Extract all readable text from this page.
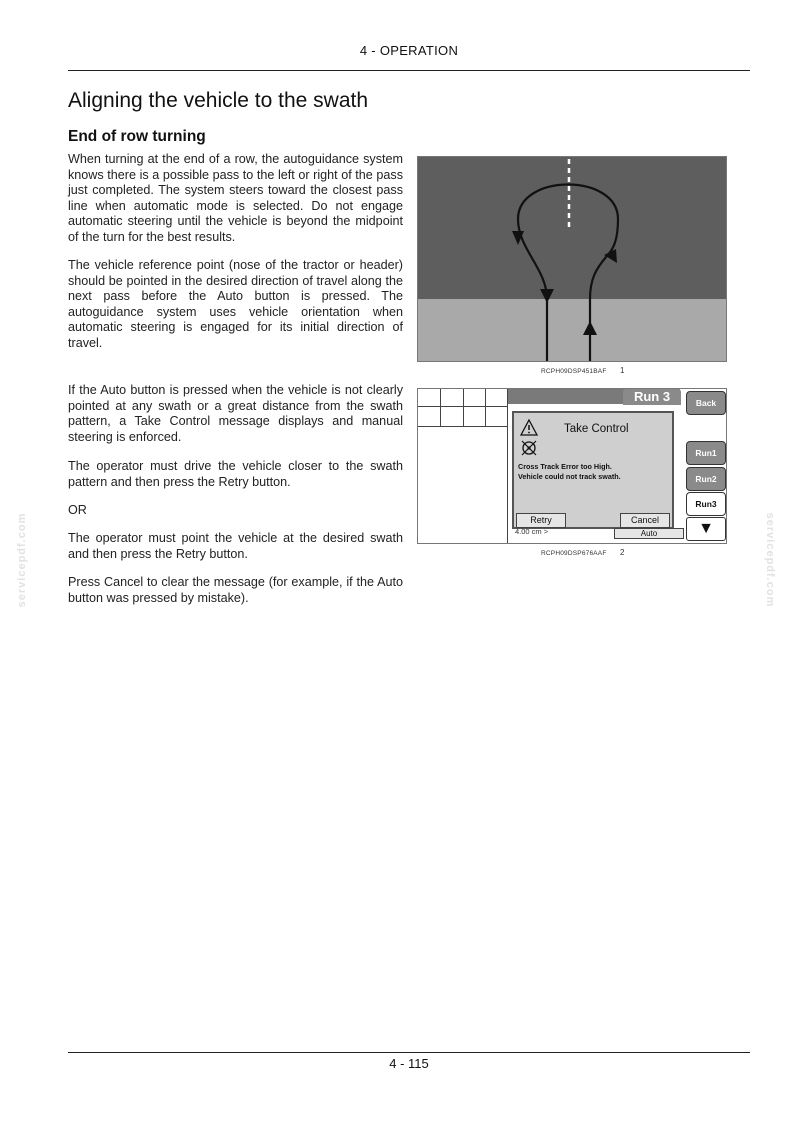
4 - OPERATION
Aligning the vehicle to the swath
End of row turning

When turning at the end of a row, the autoguidance system knows there is a possible pass to the left or right of the pass just completed. The system steers toward the closest pass line when automatic mode is selected. Do not engage automatic steering until the vehicle is beyond the midpoint of the turn for the best results.

The vehicle reference point (nose of the tractor or header) should be pointed in the desired direction of travel along the next pass before the Auto button is pressed. The autoguidance system uses vehicle orientation when automatic steering is engaged for its initial direction of travel.

If the Auto button is pressed when the vehicle is not clearly pointed at any swath or a great distance from the swath pattern, a Take Control message displays and manual steering is enforced.

The operator must drive the vehicle closer to the swath pattern and then press the Retry button.

OR

The operator must point the vehicle at the desired swath and then press the Retry button.

Press Cancel to clear the message (for example, if the Auto button was pressed by mistake).

RCPH09DSP451BAF 1
Run 3	Back
Run1
Run2
Run3
▼
Take Control
Cross Track Error too High.
Vehicle could not track swath.
Retry	Cancel
4.00 cm >	Auto
RCPH09DSP676AAF 2
servicepdf.com	servicepdf.com
4 - 115
